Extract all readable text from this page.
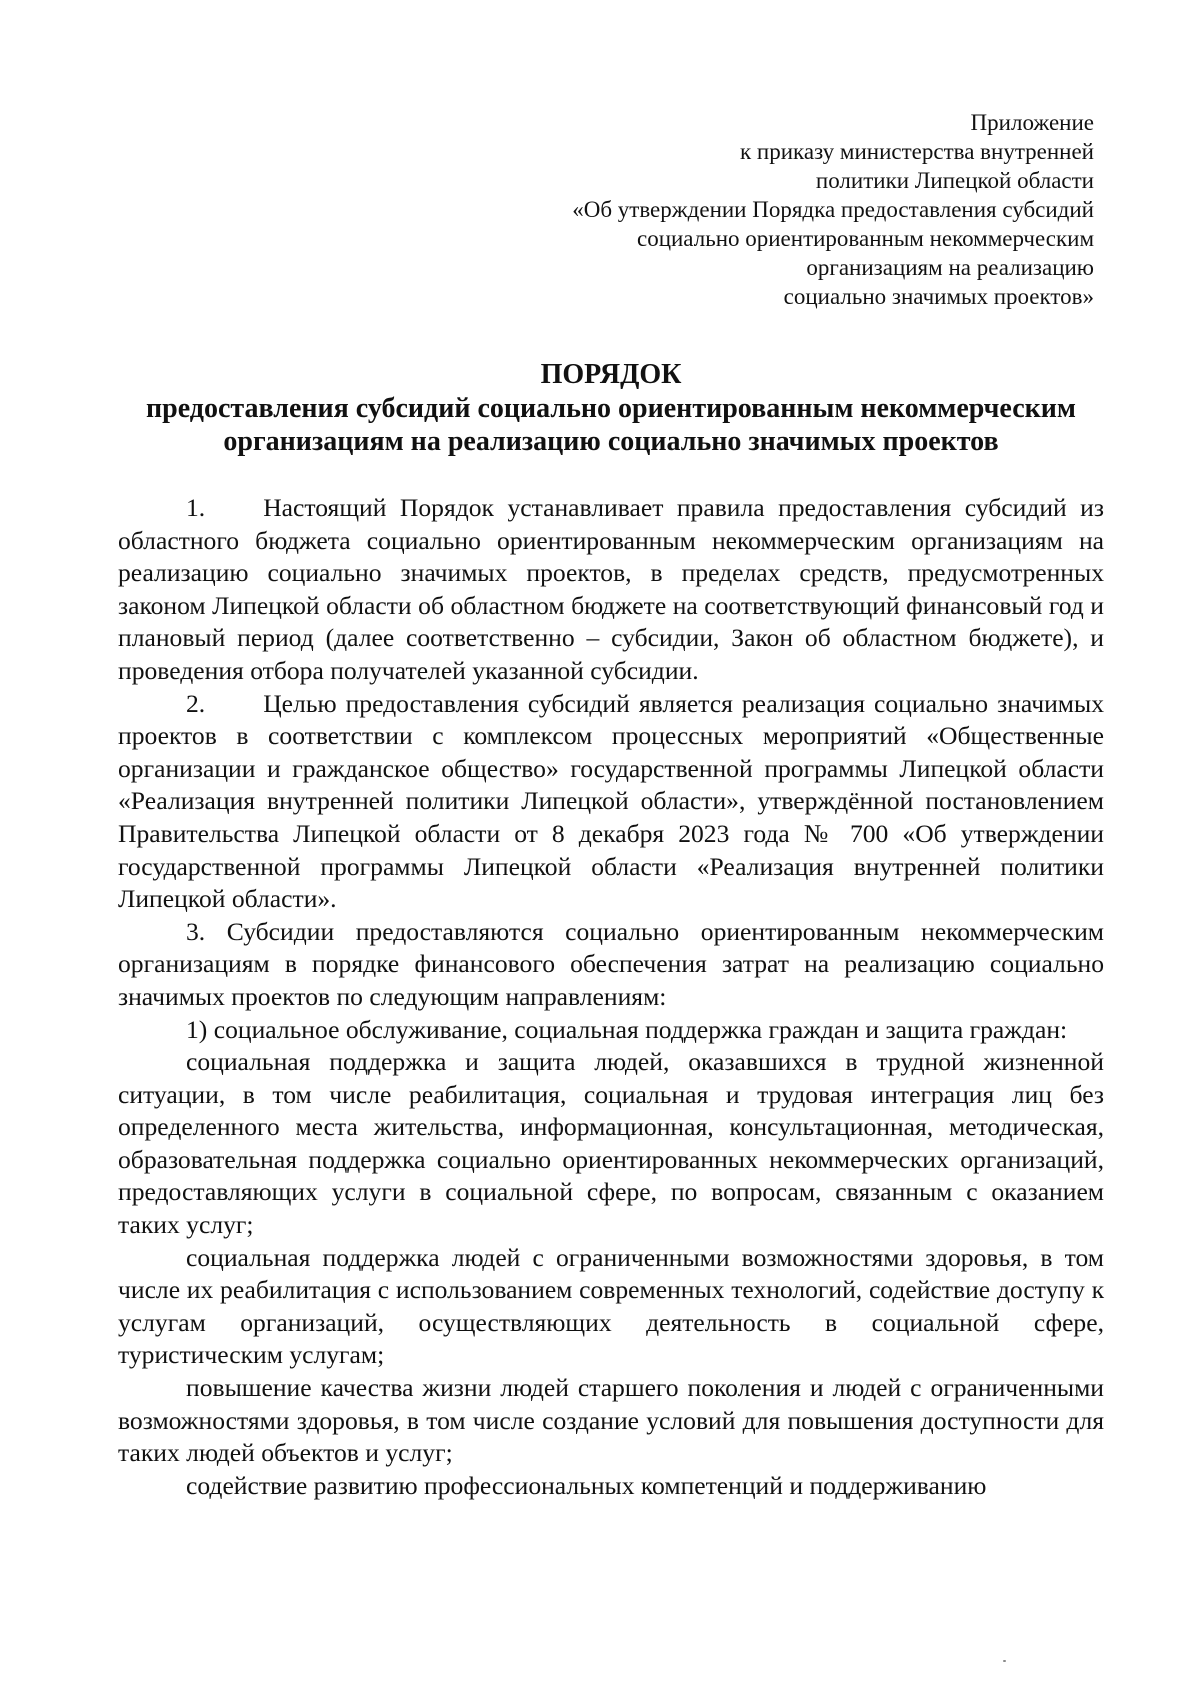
Приложение
к приказу министерства внутренней
политики Липецкой области
«Об утверждении Порядка предоставления субсидий
социально ориентированным некоммерческим
организациям на реализацию
социально значимых проектов»
ПОРЯДОК
предоставления субсидий социально ориентированным некоммерческим
организациям на реализацию социально значимых проектов

1. Настоящий Порядок устанавливает правила предоставления субсидий из областного бюджета социально ориентированным некоммерческим организациям на реализацию социально значимых проектов, в пределах средств, предусмотренных законом Липецкой области об областном бюджете на соответствующий финансовый год и плановый период (далее соответственно – субсидии, Закон об областном бюджете), и проведения отбора получателей указанной субсидии.

2. Целью предоставления субсидий является реализация социально значимых проектов в соответствии с комплексом процессных мероприятий «Общественные организации и гражданское общество» государственной программы Липецкой области «Реализация внутренней политики Липецкой области», утверждённой постановлением Правительства Липецкой области от 8 декабря 2023 года № 700 «Об утверждении государственной программы Липецкой области «Реализация внутренней политики Липецкой области».

3. Субсидии предоставляются социально ориентированным некоммерческим организациям в порядке финансового обеспечения затрат на реализацию социально значимых проектов по следующим направлениям:

1) социальное обслуживание, социальная поддержка граждан и защита граждан:

социальная поддержка и защита людей, оказавшихся в трудной жизненной ситуации, в том числе реабилитация, социальная и трудовая интеграция лиц без определенного места жительства, информационная, консультационная, методическая, образовательная поддержка социально ориентированных некоммерческих организаций, предоставляющих услуги в социальной сфере, по вопросам, связанным с оказанием таких услуг;

социальная поддержка людей с ограниченными возможностями здоровья, в том числе их реабилитация с использованием современных технологий, содействие доступу к услугам организаций, осуществляющих деятельность в социальной сфере, туристическим услугам;

повышение качества жизни людей старшего поколения и людей с ограниченными возможностями здоровья, в том числе создание условий для повышения доступности для таких людей объектов и услуг;

содействие развитию профессиональных компетенций и поддерживанию
